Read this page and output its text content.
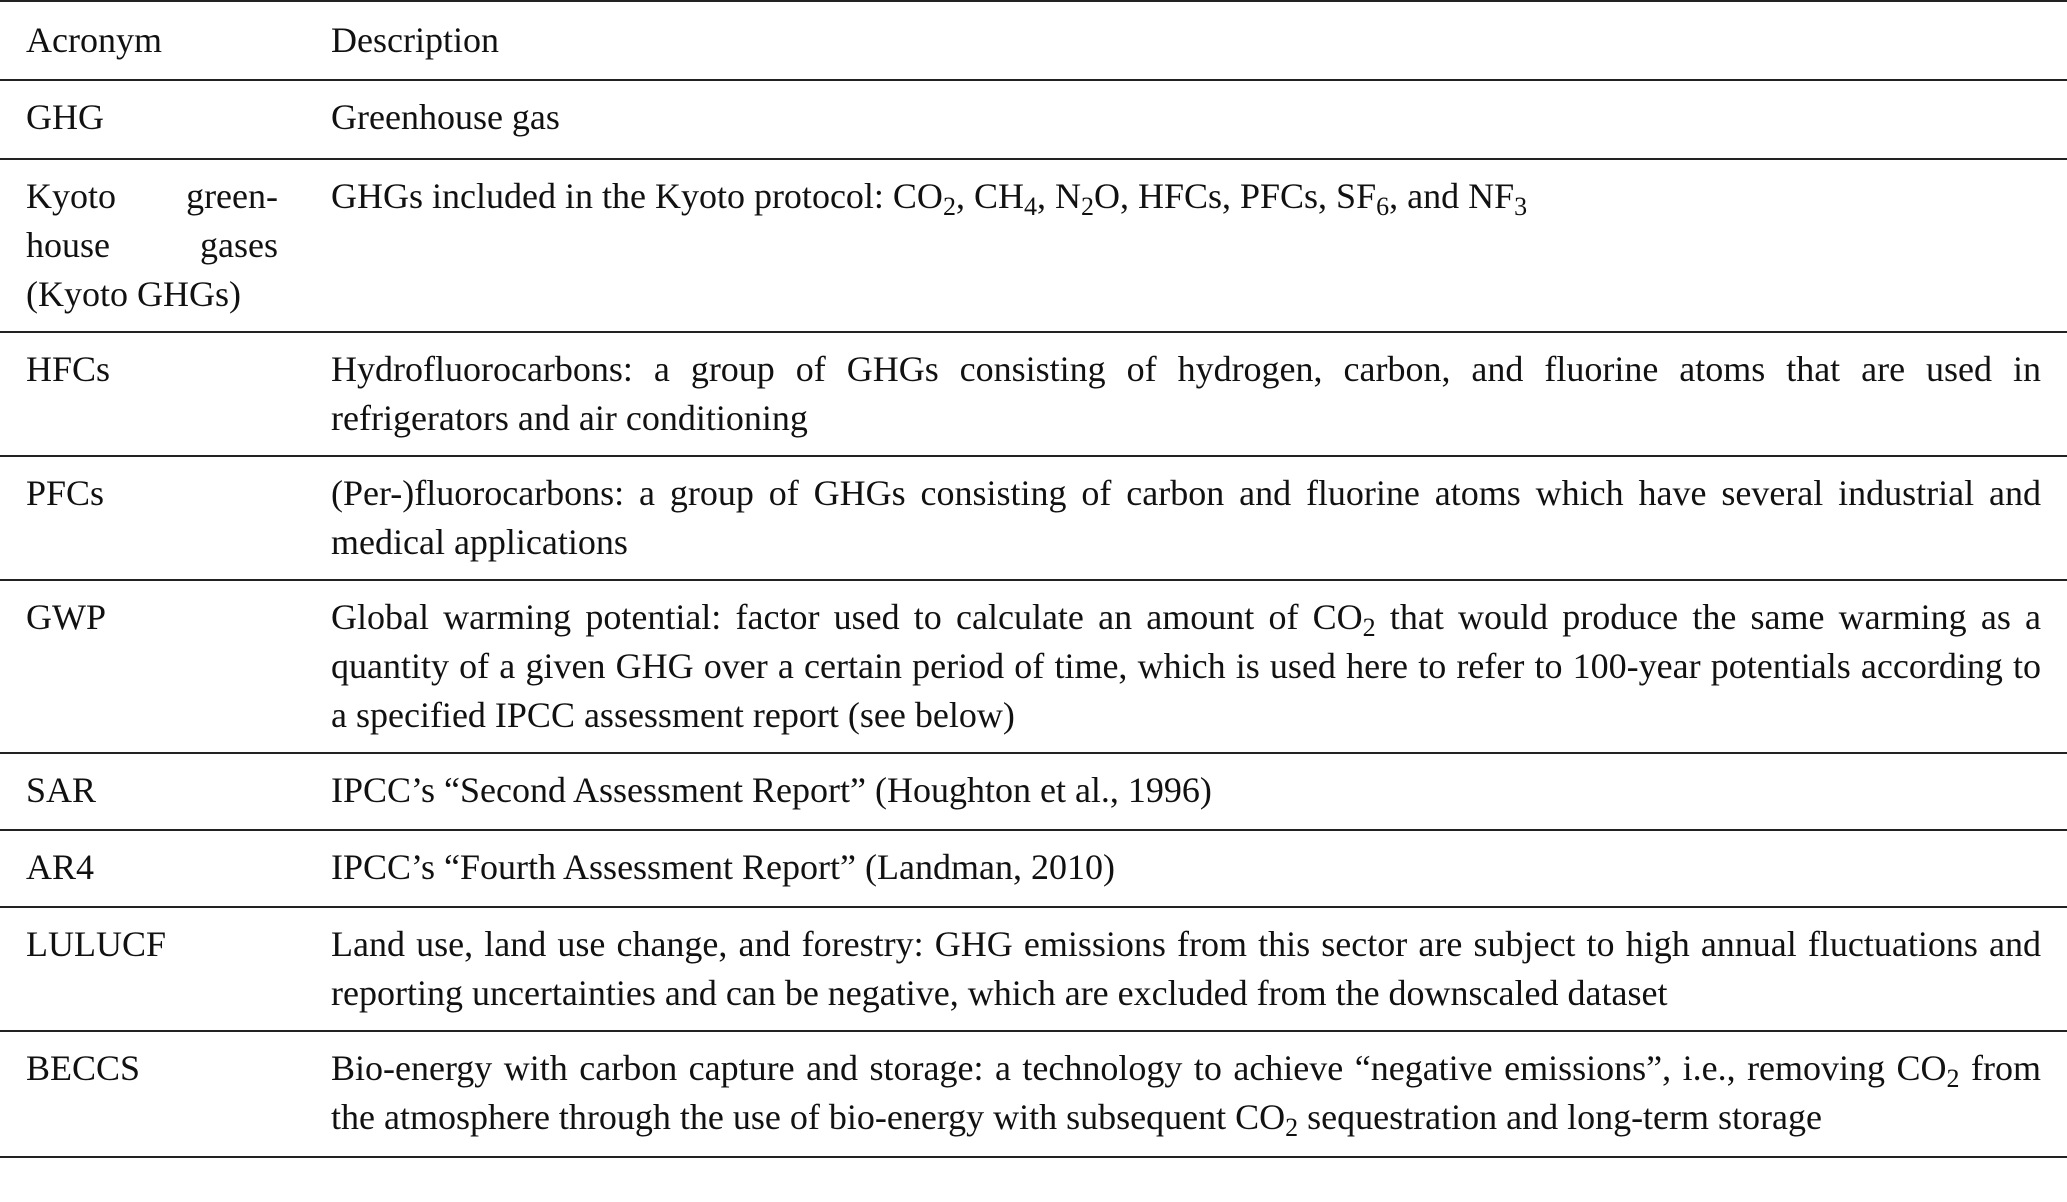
Acronym	Description

GHG	Greenhouse gas

Kyoto green-
house gases
(Kyoto GHGs)	GHGs included in the Kyoto protocol: $CO_2$, $CH_4$, $N_2O$, HFCs, PFCs, $SF_6$, and $NF_3$

HFCs	Hydrofluorocarbons: a group of GHGs consisting of hydrogen, carbon, and fluorine atoms that are used in refrigerators and air conditioning

PFCs	(Per-)fluorocarbons: a group of GHGs consisting of carbon and fluorine atoms which have several industrial and medical applications

GWP	Global warming potential: factor used to calculate an amount of $CO_2$ that would produce the same warming as a quantity of a given GHG over a certain period of time, which is used here to refer to 100-year potentials according to a specified IPCC assessment report (see below)

SAR	IPCC’s “Second Assessment Report” (Houghton et al., 1996)

AR4	IPCC’s “Fourth Assessment Report” (Landman, 2010)

LULUCF	Land use, land use change, and forestry: GHG emissions from this sector are subject to high annual fluctuations and reporting uncertainties and can be negative, which are excluded from the downscaled dataset

BECCS	Bio-energy with carbon capture and storage: a technology to achieve “negative emissions”, i.e., removing $CO_2$ from the atmosphere through the use of bio-energy with subsequent $CO_2$ sequestration and long-term storage
